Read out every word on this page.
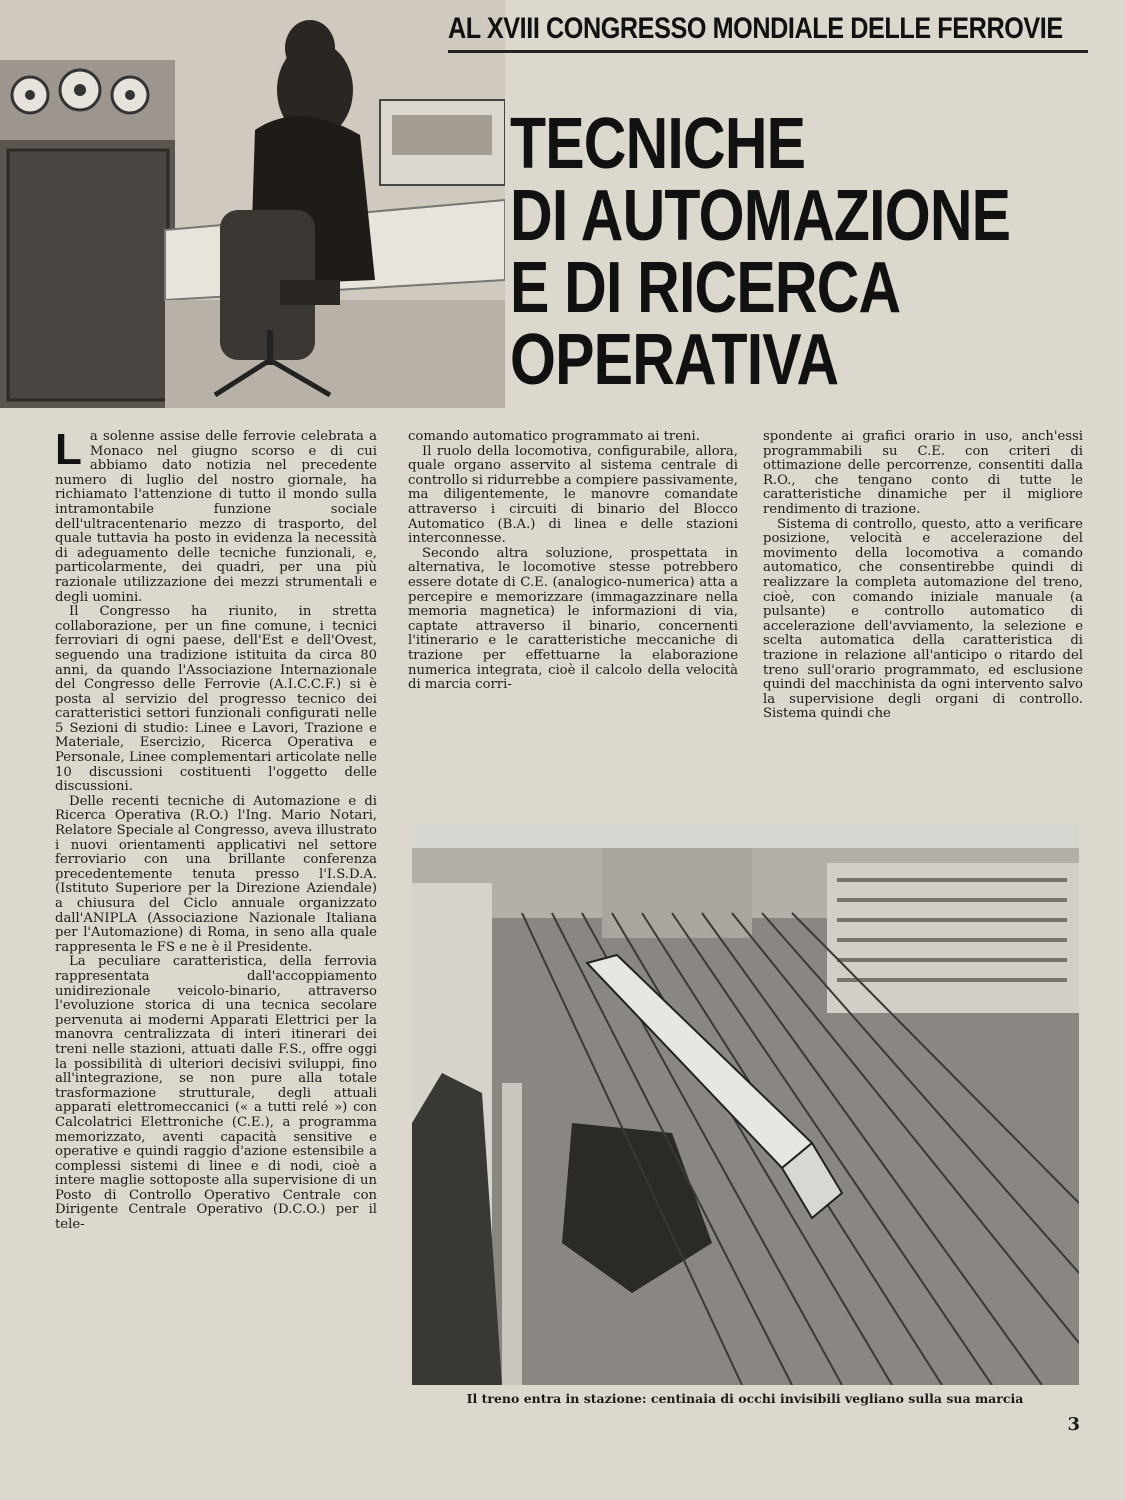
AL XVIII CONGRESSO MONDIALE DELLE FERROVIE
TECNICHE
DI AUTOMAZIONE
E DI RICERCA
OPERATIVA

La solenne assise delle ferrovie celebrata a Monaco nel giugno scorso e di cui abbiamo dato notizia nel precedente numero di luglio del nostro giornale, ha richiamato l'attenzione di tutto il mondo sulla intramontabile funzione sociale dell'ultracentenario mezzo di trasporto, del quale tuttavia ha posto in evidenza la necessità di adeguamento delle tecniche funzionali, e, particolarmente, dei quadri, per una più razionale utilizzazione dei mezzi strumentali e degli uomini.

Il Congresso ha riunito, in stretta collaborazione, per un fine comune, i tecnici ferroviari di ogni paese, dell'Est e dell'Ovest, seguendo una tradizione istituita da circa 80 anni, da quando l'Associazione Internazionale del Congresso delle Ferrovie (A.I.C.C.F.) si è posta al servizio del progresso tecnico dei caratteristici settori funzionali configurati nelle 5 Sezioni di studio: Linee e Lavori, Trazione e Materiale, Esercizio, Ricerca Operativa e Personale, Linee complementari articolate nelle 10 discussioni costituenti l'oggetto delle discussioni.

Delle recenti tecniche di Automazione e di Ricerca Operativa (R.O.) l'Ing. Mario Notari, Relatore Speciale al Congresso, aveva illustrato i nuovi orientamenti applicativi nel settore ferroviario con una brillante conferenza precedentemente tenuta presso l'I.S.D.A. (Istituto Superiore per la Direzione Aziendale) a chiusura del Ciclo annuale organizzato dall'ANIPLA (Associazione Nazionale Italiana per l'Automazione) di Roma, in seno alla quale rappresenta le FS e ne è il Presidente.

La peculiare caratteristica, della ferrovia rappresentata dall'accoppiamento unidirezionale veicolo-binario, attraverso l'evoluzione storica di una tecnica secolare pervenuta ai moderni Apparati Elettrici per la manovra centralizzata di interi itinerari dei treni nelle stazioni, attuati dalle F.S., offre oggi la possibilità di ulteriori decisivi sviluppi, fino all'integrazione, se non pure alla totale trasformazione strutturale, degli attuali apparati elettromeccanici (« a tutti relé ») con Calcolatrici Elettroniche (C.E.), a programma memorizzato, aventi capacità sensitive e operative e quindi raggio d'azione estensibile a complessi sistemi di linee e di nodi, cioè a intere maglie sottoposte alla supervisione di un Posto di Controllo Operativo Centrale con Dirigente Centrale Operativo (D.C.O.) per il tele-

comando automatico programmato ai treni.

Il ruolo della locomotiva, configurabile, allora, quale organo asservito al sistema centrale di controllo si ridurrebbe a compiere passivamente, ma diligentemente, le manovre comandate attraverso i circuiti di binario del Blocco Automatico (B.A.) di linea e delle stazioni interconnesse.

Secondo altra soluzione, prospettata in alternativa, le locomotive stesse potrebbero essere dotate di C.E. (analogico-numerica) atta a percepire e memorizzare (immagazzinare nella memoria magnetica) le informazioni di via, captate attraverso il binario, concernenti l'itinerario e le caratteristiche meccaniche di trazione per effettuarne la elaborazione numerica integrata, cioè il calcolo della velocità di marcia corri-

spondente ai grafici orario in uso, anch'essi programmabili su C.E. con criteri di ottimazione delle percorrenze, consentiti dalla R.O., che tengano conto di tutte le caratteristiche dinamiche per il migliore rendimento di trazione.

Sistema di controllo, questo, atto a verificare posizione, velocità e accelerazione del movimento della locomotiva a comando automatico, che consentirebbe quindi di realizzare la completa automazione del treno, cioè, con comando iniziale manuale (a pulsante) e controllo automatico di accelerazione dell'avviamento, la selezione e scelta automatica della caratteristica di trazione in relazione all'anticipo o ritardo del treno sull'orario programmato, ed esclusione quindi del macchinista da ogni intervento salvo la supervisione degli organi di controllo. Sistema quindi che

Il treno entra in stazione: centinaia di occhi invisibili vegliano sulla sua marcia
3
